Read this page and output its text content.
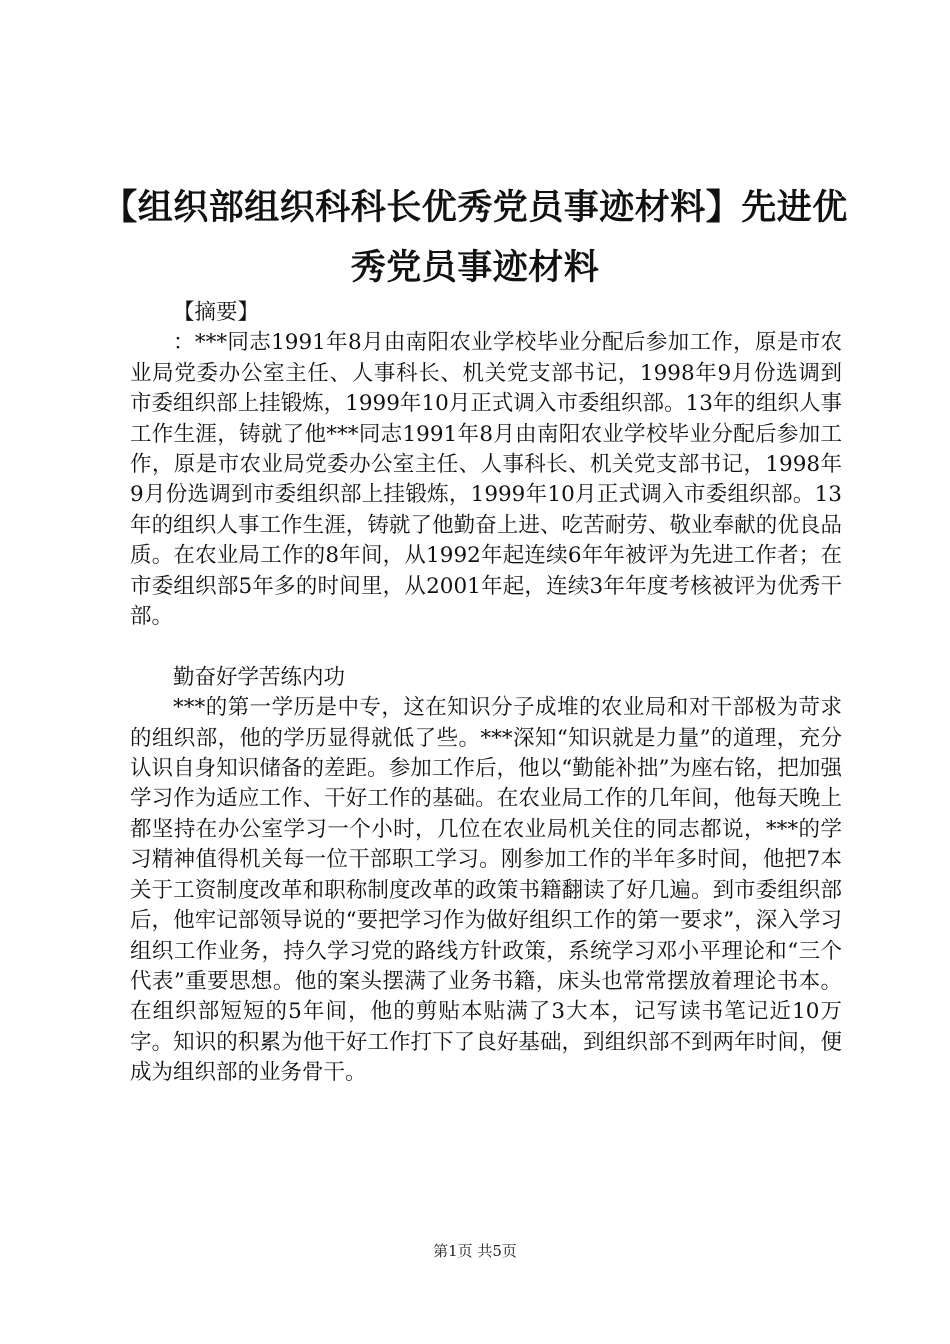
【组织部组织科科长优秀党员事迹材料】先进优秀党员事迹材料

【摘要】

：***同志1991年8月由南阳农业学校毕业分配后参加工作，原是市农业局党委办公室主任、人事科长、机关党支部书记，1998年9月份选调到市委组织部上挂锻炼，1999年10月正式调入市委组织部。13年的组织人事工作生涯，铸就了他***同志1991年8月由南阳农业学校毕业分配后参加工作，原是市农业局党委办公室主任、人事科长、机关党支部书记，1998年9月份选调到市委组织部上挂锻炼，1999年10月正式调入市委组织部。13年的组织人事工作生涯，铸就了他勤奋上进、吃苦耐劳、敬业奉献的优良品质。在农业局工作的8年间，从1992年起连续6年年被评为先进工作者；在市委组织部5年多的时间里，从2001年起，连续3年年度考核被评为优秀干部。

勤奋好学苦练内功

***的第一学历是中专，这在知识分子成堆的农业局和对干部极为苛求的组织部，他的学历显得就低了些。***深知“知识就是力量”的道理，充分认识自身知识储备的差距。参加工作后，他以“勤能补拙”为座右铭，把加强学习作为适应工作、干好工作的基础。在农业局工作的几年间，他每天晚上都坚持在办公室学习一个小时，几位在农业局机关住的同志都说，***的学习精神值得机关每一位干部职工学习。刚参加工作的半年多时间，他把7本关于工资制度改革和职称制度改革的政策书籍翻读了好几遍。到市委组织部后，他牢记部领导说的“要把学习作为做好组织工作的第一要求”，深入学习组织工作业务，持久学习党的路线方针政策，系统学习邓小平理论和“三个代表”重要思想。他的案头摆满了业务书籍，床头也常常摆放着理论书本。在组织部短短的5年间，他的剪贴本贴满了3大本，记写读书笔记近10万字。知识的积累为他干好工作打下了良好基础，到组织部不到两年时间，便成为组织部的业务骨干。

第1页 共5页
